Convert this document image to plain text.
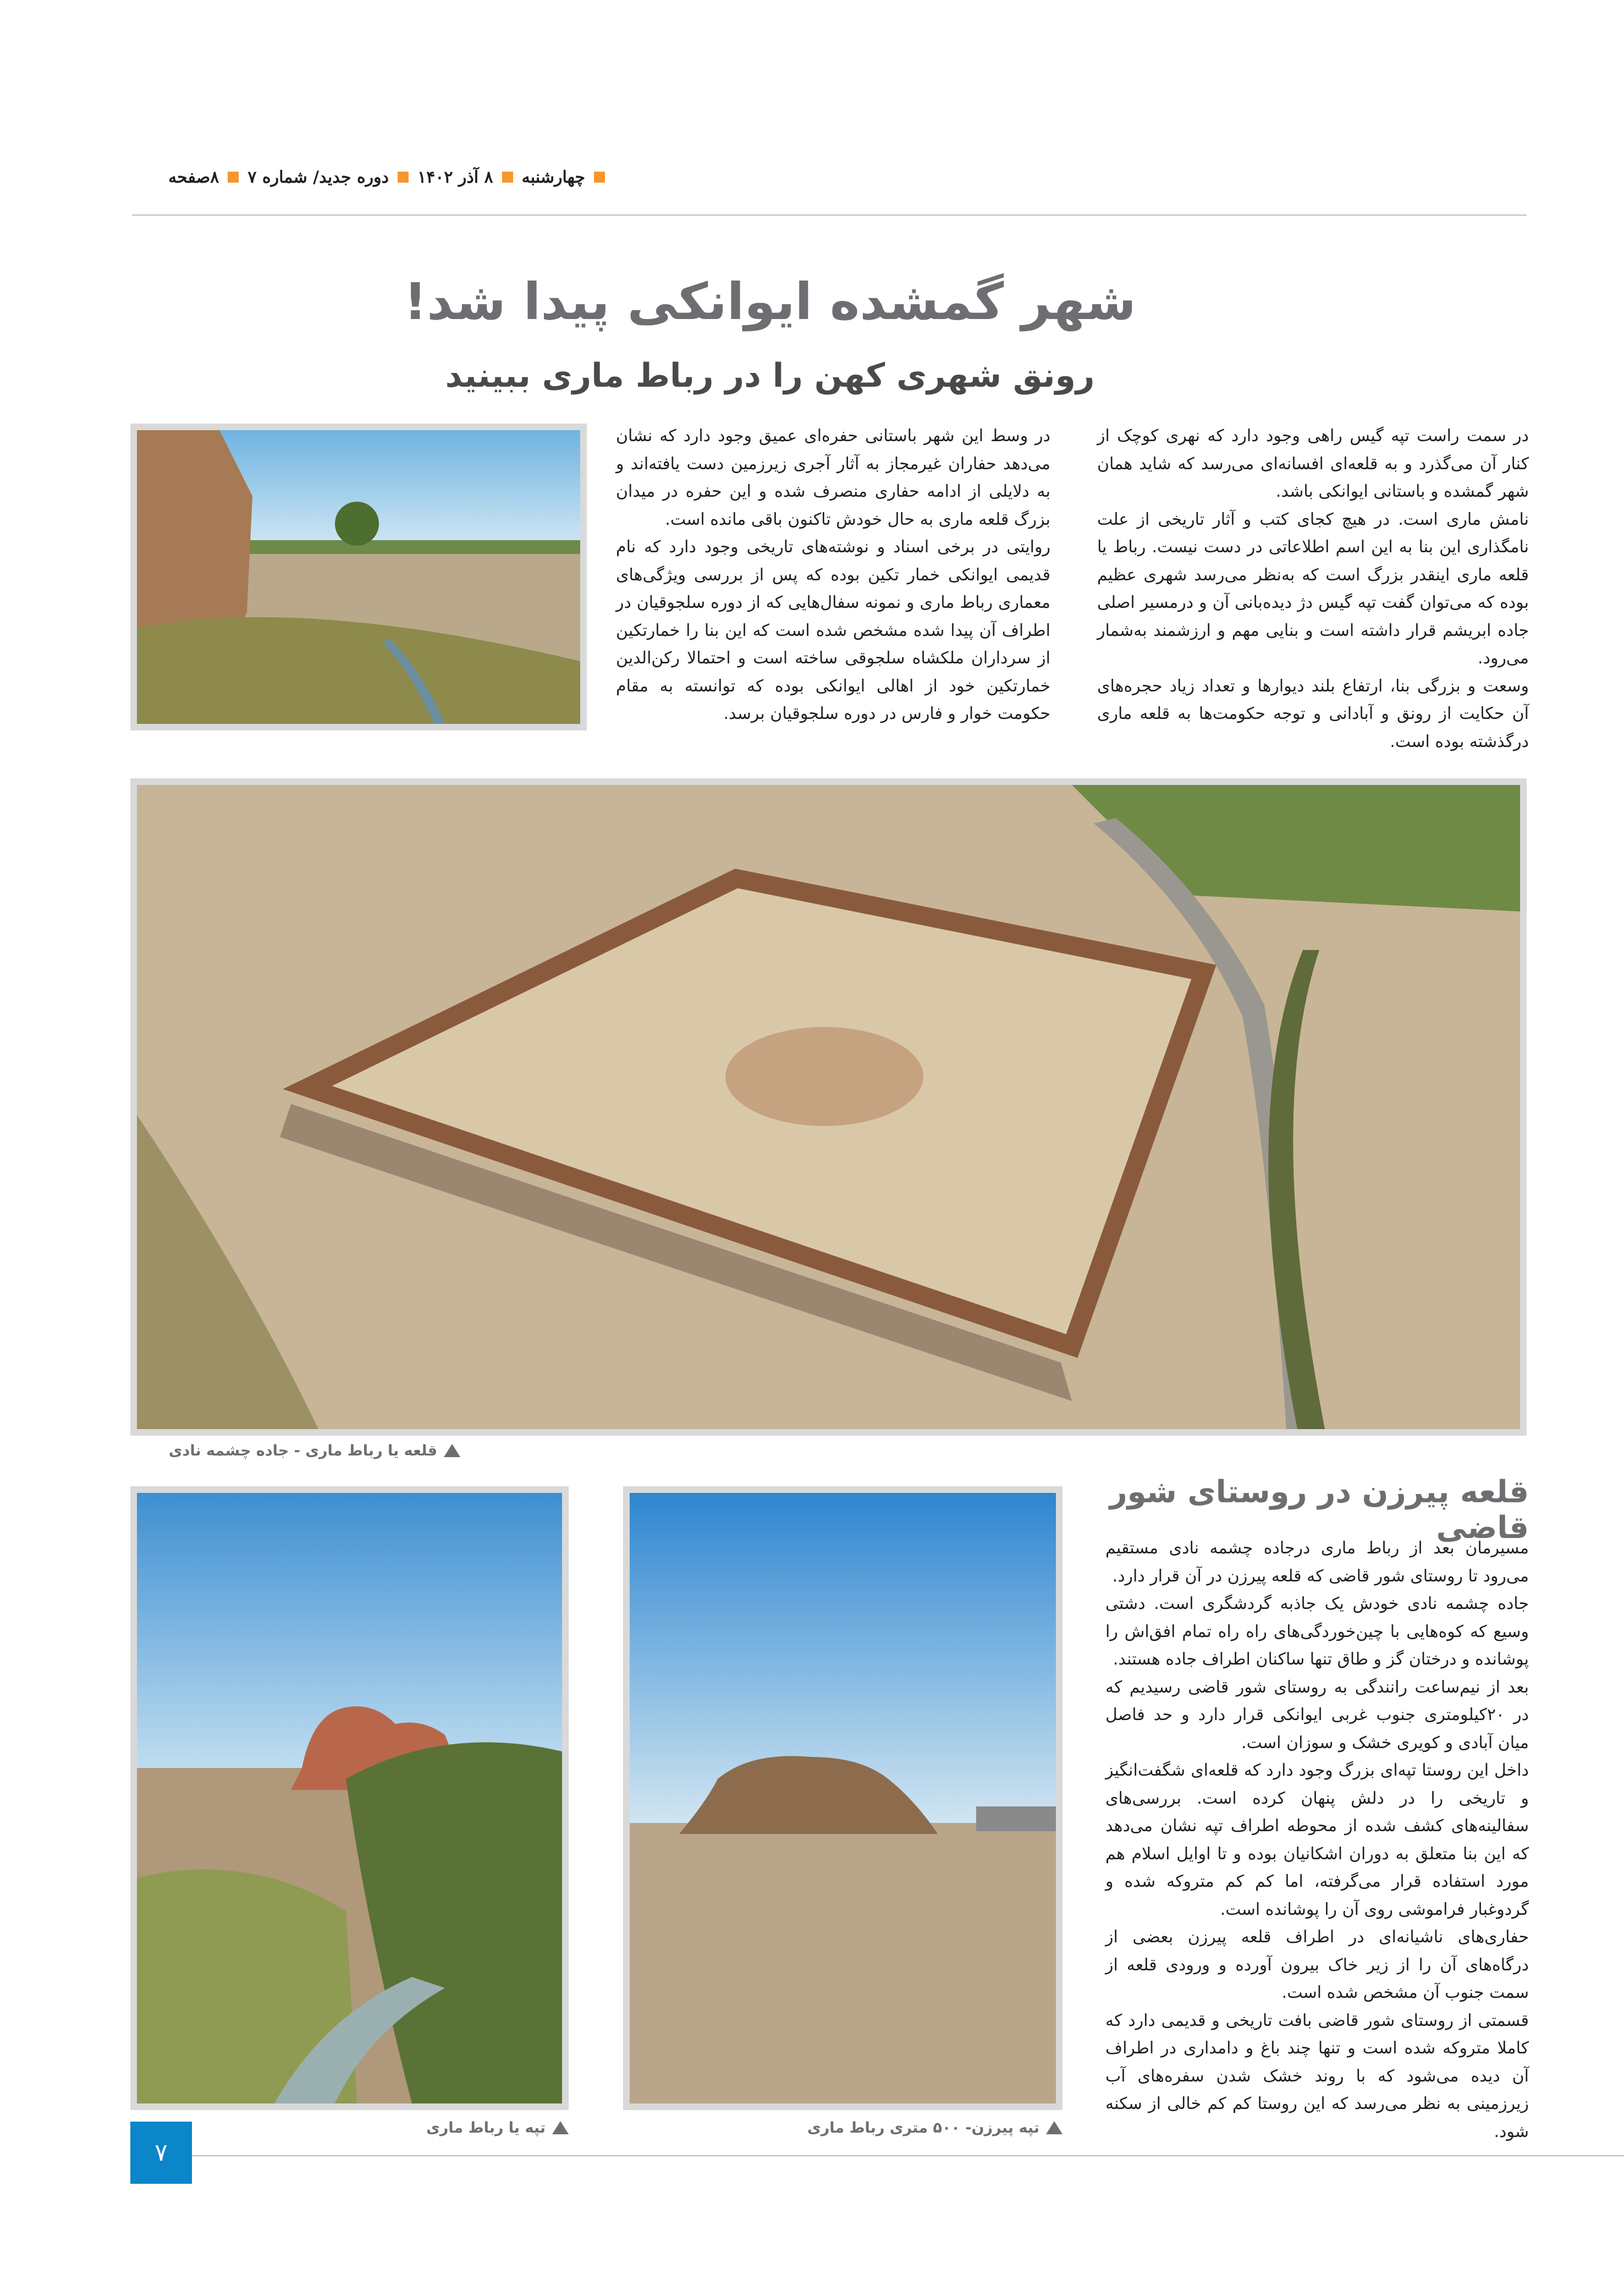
چهارشنبه
۸ آذر ۱۴۰۲
دوره جدید/ شماره ۷
۸صفحه
شهر گمشده ایوانکی پیدا شد!
رونق شهری کهن را در رباط ماری ببینید

در وسط این شهر باستانی حفره‌ای عمیق وجود دارد که نشان می‌دهد حفاران غیرمجاز به آثار آجری زیرزمین دست یافته‌اند و به دلایلی از ادامه حفاری منصرف شده و این حفره در میدان بزرگ قلعه ماری به حال خودش تاکنون باقی مانده است.

روایتی در برخی اسناد و نوشته‌های تاریخی وجود دارد که نام قدیمی ایوانکی خمار تکین بوده که پس از بررسی ویژگی‌های معماری رباط ماری و نمونه سفال‌هایی که از دوره سلجوقیان در اطراف آن پیدا شده مشخص شده است که این بنا را خمارتکین از سرداران ملکشاه سلجوقی ساخته است و احتمالا رکن‌الدین خمارتکین خود از اهالی ایوانکی بوده که توانسته به مقام حکومت خوار و فارس در دوره سلجوقیان برسد.

در سمت راست تپه گیس راهی وجود دارد که نهری کوچک از کنار آن می‌گذرد و به قلعه‌ای افسانه‌ای می‌رسد که شاید همان شهر گمشده و باستانی ایوانکی باشد.

نامش ماری است. در هیچ کجای کتب و آثار تاریخی از علت نامگذاری این بنا به این اسم اطلاعاتی در دست نیست. رباط یا قلعه ماری اینقدر بزرگ است که به‌نظر می‌رسد شهری عظیم بوده که می‌توان گفت تپه گیس دژ دیده‌بانی آن و درمسیر اصلی جاده ابریشم قرار داشته است و بنایی مهم و ارزشمند به‌شمار می‌رود.

وسعت و بزرگی بنا، ارتفاع بلند دیوارها و تعداد زیاد حجره‌های آن حکایت از رونق و آبادانی و توجه حکومت‌ها به قلعه ماری درگذشته بوده است.

قلعه یا رباط ماری - جاده چشمه نادی
تپه پیرزن- ۵۰۰ متری رباط ماری
تپه یا رباط ماری
قلعه پیرزن در روستای شور قاضی

مسیرمان بعد از رباط ماری درجاده چشمه نادی مستقیم می‌رود تا روستای شور قاضی که قلعه پیرزن در آن قرار دارد.

جاده چشمه نادی خودش یک جاذبه گردشگری است. دشتی وسیع که کوه‌هایی با چین‌خوردگی‌های راه راه تمام افق‌اش را پوشانده و درختان گز و طاق تنها ساکنان اطراف جاده هستند.

بعد از نیم‌ساعت رانندگی به روستای شور قاضی رسیدیم که در ۲۰کیلومتری جنوب غربی ایوانکی قرار دارد و حد فاصل میان آبادی و کویری خشک و سوزان است.

داخل این روستا تپه‌ای بزرگ وجود دارد که قلعه‌ای شگفت‌انگیز و تاریخی را در دلش پنهان کرده است. بررسی‌های سفالینه‌های کشف شده از محوطه اطراف تپه نشان می‌دهد که این بنا متعلق به دوران اشکانیان بوده و تا اوایل اسلام هم مورد استفاده قرار می‌گرفته، اما کم کم متروکه شده و گردوغبار فراموشی روی آن را پوشانده است.

حفاری‌های ناشیانه‌ای در اطراف قلعه پیرزن بعضی از درگاه‌های آن را از زیر خاک بیرون آورده و ورودی قلعه از سمت جنوب آن مشخص شده است.

قسمتی از روستای شور قاضی بافت تاریخی و قدیمی دارد که کاملا متروکه شده است و تنها چند باغ و دامداری در اطراف آن دیده می‌شود که با روند خشک شدن سفره‌های آب زیرزمینی به نظر می‌رسد که این روستا کم کم خالی از سکنه شود.

۷
